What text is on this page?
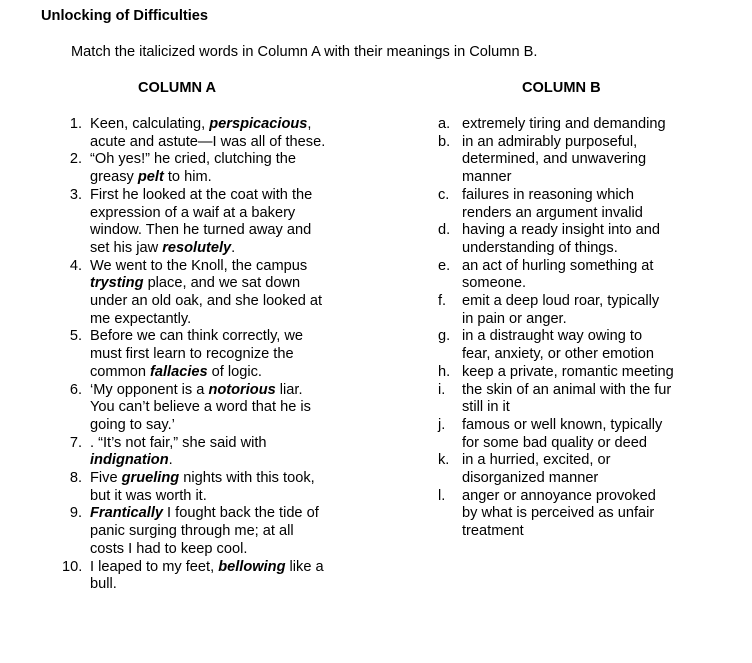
Unlocking of Difficulties
Match the italicized words in Column A with their meanings in Column B.
COLUMN A	COLUMN B
1. Keen, calculating, perspicacious, acute and astute—I was all of these.
2. “Oh yes!” he cried, clutching the greasy pelt to him.
3. First he looked at the coat with the expression of a waif at a bakery window. Then he turned away and set his jaw resolutely.
4. We went to the Knoll, the campus trysting place, and we sat down under an old oak, and she looked at me expectantly.
5. Before we can think correctly, we must first learn to recognize the common fallacies of logic.
6. ‘My opponent is a notorious liar. You can’t believe a word that he is going to say.’
7. . “It’s not fair,” she said with indignation.
8. Five grueling nights with this took, but it was worth it.
9. Frantically I fought back the tide of panic surging through me; at all costs I had to keep cool.
10. I leaped to my feet, bellowing like a bull.
a. extremely tiring and demanding
b. in an admirably purposeful, determined, and unwavering manner
c. failures in reasoning which renders an argument invalid
d. having a ready insight into and understanding of things.
e. an act of hurling something at someone.
f. emit a deep loud roar, typically in pain or anger.
g. in a distraught way owing to fear, anxiety, or other emotion
h. keep a private, romantic meeting
i. the skin of an animal with the fur still in it
j. famous or well known, typically for some bad quality or deed
k. in a hurried, excited, or disorganized manner
l. anger or annoyance provoked by what is perceived as unfair treatment
